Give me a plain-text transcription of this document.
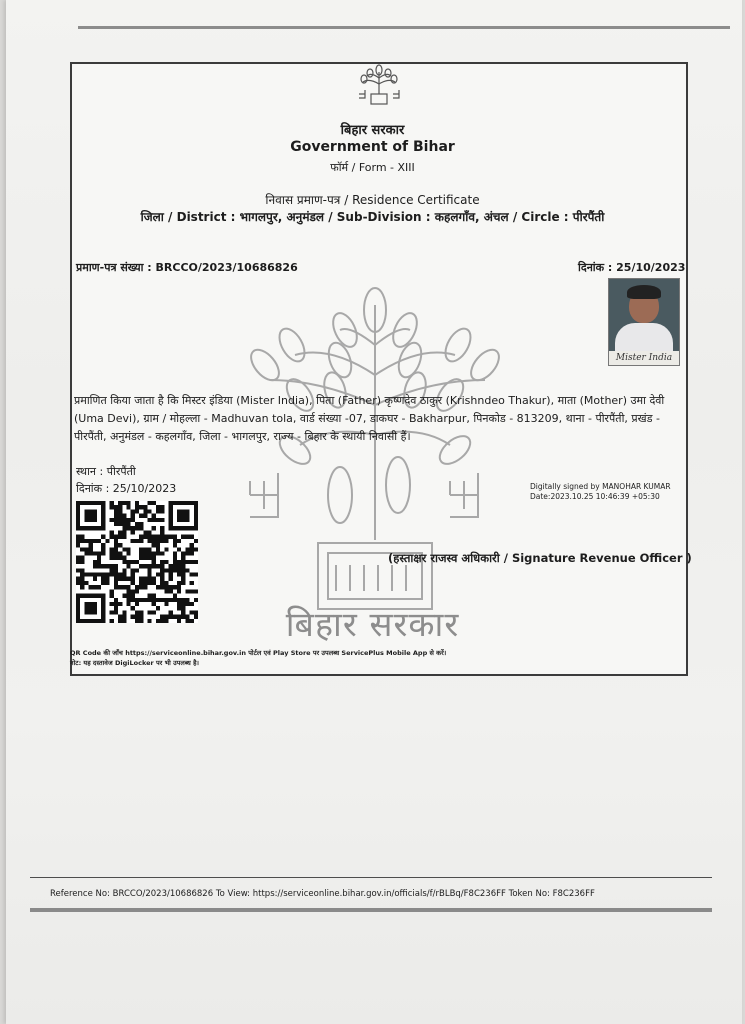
बिहार सरकार
Government of Bihar
फॉर्म / Form - XIII
निवास प्रमाण-पत्र / Residence Certificate
जिला / District : भागलपुर, अनुमंडल / Sub-Division : कहलगाँव, अंचल / Circle : पीरपैंती
प्रमाण-पत्र संख्या : BRCCO/2023/10686826	दिनांक : 25/10/2023
Mister India
प्रमाणित किया जाता है कि मिस्टर इंडिया (Mister India), पिता (Father) कृष्णदेव ठाकुर (Krishndeo Thakur), माता (Mother) उमा देवी (Uma Devi), ग्राम / मोहल्ला - Madhuvan tola, वार्ड संख्या -07, डाकघर - Bakharpur, पिनकोड - 813209, थाना - पीरपैंती, प्रखंड - पीरपैंती, अनुमंडल - कहलगाँव, जिला - भागलपुर, राज्य - बिहार के स्थायी निवासी हैं।
स्थान : पीरपैंती
दिनांक : 25/10/2023	Digitally signed by MANOHAR KUMAR
Date:2023.10.25 10:46:39 +05:30
(हस्ताक्षर राजस्व अधिकारी / Signature Revenue Officer )
बिहार सरकार
QR Code की जाँच https://serviceonline.bihar.gov.in पोर्टल एवं Play Store पर उपलब्ध ServicePlus Mobile App से करें।
नोट: यह दस्तावेज DigiLocker पर भी उपलब्ध है।
Reference No: BRCCO/2023/10686826 To View: https://serviceonline.bihar.gov.in/officials/f/rBLBq/F8C236FF Token No: F8C236FF
